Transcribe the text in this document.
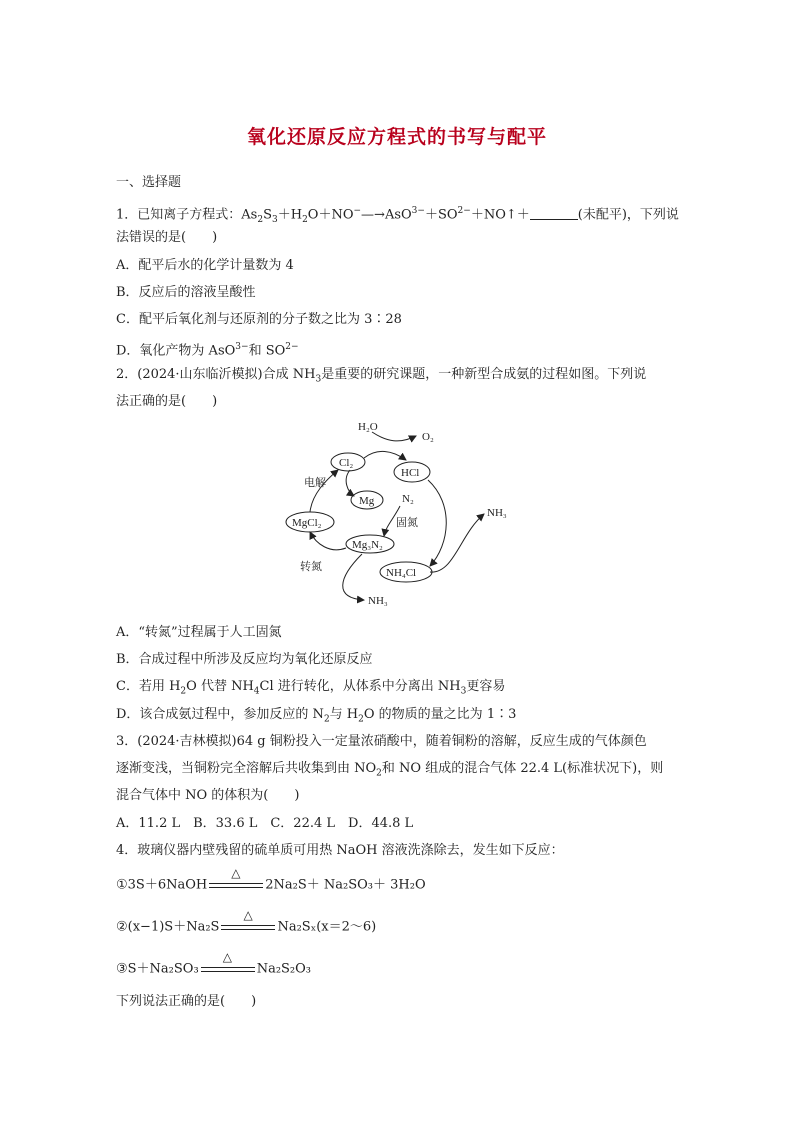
氧化还原反应方程式的书写与配平
一、选择题
1．已知离子方程式：$As_2S_3+H_2O+NO^-—\to AsO^{3-}+SO^{2-}+NO↑+$	(未配平)，下列说
法错误的是(　　)
A．配平后水的化学计量数为 4
B．反应后的溶液呈酸性
C．配平后氧化剂与还原剂的分子数之比为 3∶28
D．氧化产物为 AsO$^{3-}$和 $SO^{2-}$
2．(2024·山东临沂模拟)合成 $NH_3$是重要的研究课题，一种新型合成氨的过程如图。下列说
法正确的是(　　)
H₂O
O₂
Cl₂
HCl
电解
Mg	N₂
MgCl₂	固氮
NH₃
Mg₃N₂
转氮	NH₄Cl
NH₃
A．“转氮”过程属于人工固氮
B．合成过程中所涉及反应均为氧化还原反应
C．若用 $H_2O$ 代替 $NH_4Cl$ 进行转化，从体系中分离出 $NH_3$更容易
D．该合成氨过程中，参加反应的 $N_2$与 $H_2O$ 的物质的量之比为 1∶3
3．(2024·吉林模拟)64 g 铜粉投入一定量浓硝酸中，随着铜粉的溶解，反应生成的气体颜色
逐渐变浅，当铜粉完全溶解后共收集到由 $NO_2$和 NO 组成的混合气体 22.4 L(标准状况下)，则
混合气体中 NO 的体积为(　　)
A．11.2 L　B．33.6 L　C．22.4 L　D．44.8 L
4．玻璃仪器内壁残留的硫单质可用热 NaOH 溶液洗涤除去，发生如下反应：
①3S＋6NaOH
△
2Na₂S＋ Na₂SO₃＋ 3H₂O
②(x−1)S＋Na₂S
△
Na₂Sₓ(x＝2～6)
③S＋Na₂SO₃
△
Na₂S₂O₃
下列说法正确的是(　　)
